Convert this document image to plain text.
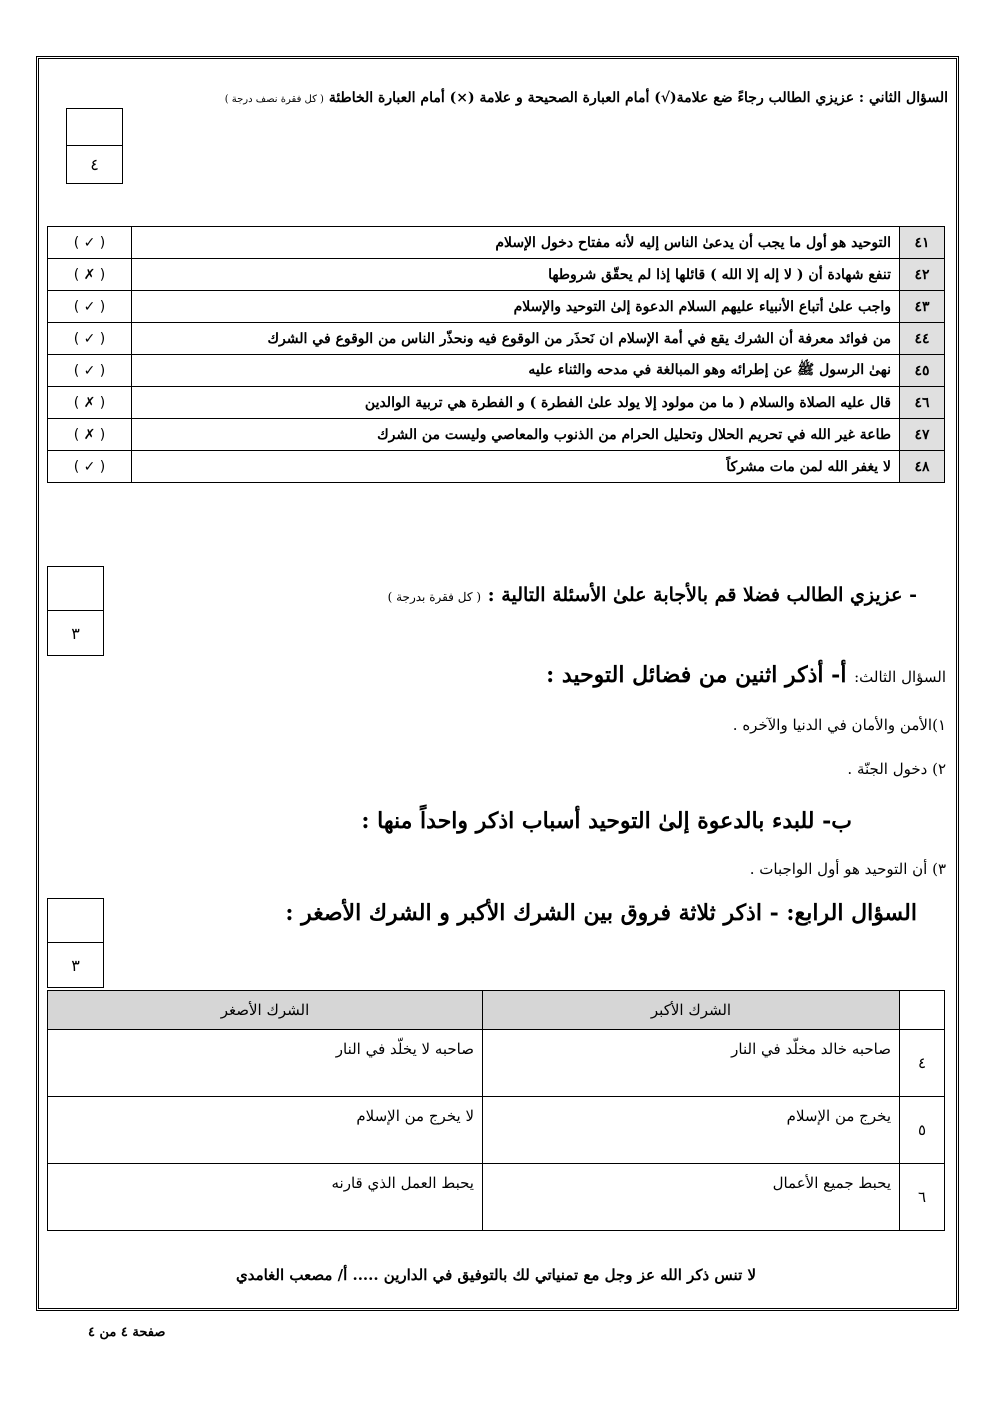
السؤال الثاني : عزيزي الطالب رجاءً ضع علامة(√) أمام العبارة الصحيحة و علامة (×) أمام العبارة الخاطئة ( كل فقرة نصف درجة )
٤
٤١	التوحيد هو أول ما يجب أن يدعىٰ الناس إليه لأنه مفتاح دخول الإسلام	( ✓ )
٤٢	تنفع شهادة أن ( لا إله إلا الله ) قائلها إذا لم يحقّق شروطها	( ✗ )
٤٣	واجب علىٰ أتباع الأنبياء عليهم السلام الدعوة إلىٰ التوحيد والإسلام	( ✓ )
٤٤	من فوائد معرفة أن الشرك يقع في أمة الإسلام ان نَحذَر من الوقوع فيه ونحذّر الناس من الوقوع في الشرك	( ✓ )
٤٥	نهىٰ الرسول ﷺ عن إطرائه وهو المبالغة في مدحه والثناء عليه	( ✓ )
٤٦	قال عليه الصلاة والسلام ( ما من مولود إلا يولد علىٰ الفطرة ) و الفطرة هي تربية الوالدين	( ✗ )
٤٧	طاعة غير الله في تحريم الحلال وتحليل الحرام من الذنوب والمعاصي وليست من الشرك	( ✗ )
٤٨	لا يغفر الله لمن مات مشركاً	( ✓ )
- عزيزي الطالب فضلا قم بالأجابة علىٰ الأسئلة التالية : ( كل فقرة بدرجة )
٣
السؤال الثالث: أ- أذكر اثنين من فضائل التوحيد :
١)الأمن والأمان في الدنيا والآخره .
٢) دخول الجنّة .
ب- للبدء بالدعوة إلىٰ التوحيد أسباب اذكر واحداً منها :
٣) أن التوحيد هو أول الواجبات .
السؤال الرابع: - اذكر ثلاثة فروق بين الشرك الأكبر و الشرك الأصغر :
٣
	الشرك الأكبر	الشرك الأصغر
٤	صاحبه خالد مخلّد في النار	صاحبه لا يخلّد في النار
٥	يخرج من الإسلام	لا يخرج من الإسلام
٦	يحبط جميع الأعمال	يحبط العمل الذي قارنه
لا تنس ذكر الله عز وجل مع تمنياتي لك بالتوفيق في الدارين ..... أ/ مصعب الغامدي
صفحة ٤ من ٤
